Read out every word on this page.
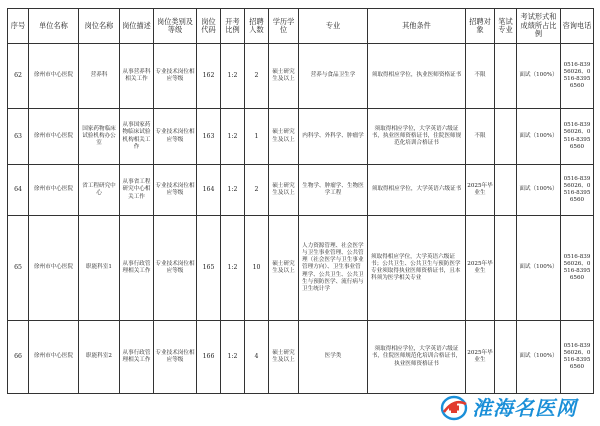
序号	单位名称	岗位名称	岗位描述	岗位类别及等级	岗位代码	开考比例	招聘人数	学历学位	专业	其他条件	招聘对象	笔试专业	考试形式和成绩所占比例	咨询电话
62	徐州市中心医院	营养科	从事营养科相关工作	专业技术岗位相应等级	162	1:2	2	硕士研究生及以上	营养与食品卫生学	须取得相应学位，执业医师资格证书	不限		面试（100%）	0516-83956026、0516-83956560
63	徐州市中心医院	国家药物临床试验机构办公室	从事国家药物临床试验机构相关工作	专业技术岗位相应等级	163	1:2	1	硕士研究生及以上	内科学、外科学、肿瘤学	须取得相应学位，大学英语六级证书，执业医师资格证书，住院医师规范化培训合格证书	不限		面试（100%）	0516-83956026、0516-83956560
64	徐州市中心医院	省工程研究中心	从事省工程研究中心相关工作	专业技术岗位相应等级	164	1:2	2	硕士研究生及以上	生物学、肿瘤学、生物医学工程	须取得相应学位，大学英语六级证书	2025年毕业生		面试（100%）	0516-83956026、0516-83956560
65	徐州市中心医院	职能科室1	从事行政管理相关工作	专业技术岗位相应等级	165	1:2	10	硕士研究生及以上	人力资源管理、社会医学与卫生事业管理、公共管理（社会医学与卫生事业管理方向）、卫生事业管理学、公共卫生、公共卫生与预防医学、流行病与卫生统计学	须取得相应学位，大学英语六级证书；公共卫生、公共卫生与预防医学专业须取得执业医师资格证书，且本科须为医学相关专业	2025年毕业生		面试（100%）	0516-83956026、0516-83956560
66	徐州市中心医院	职能科室2	从事行政管理相关工作	专业技术岗位相应等级	166	1:2	4	硕士研究生及以上	医学类	须取得相应学位，大学英语六级证书，住院医师规范化培训合格证书，执业医师资格证书	2025年毕业生		面试（100%）	0516-83956026、0516-83956560
淮海名医网
